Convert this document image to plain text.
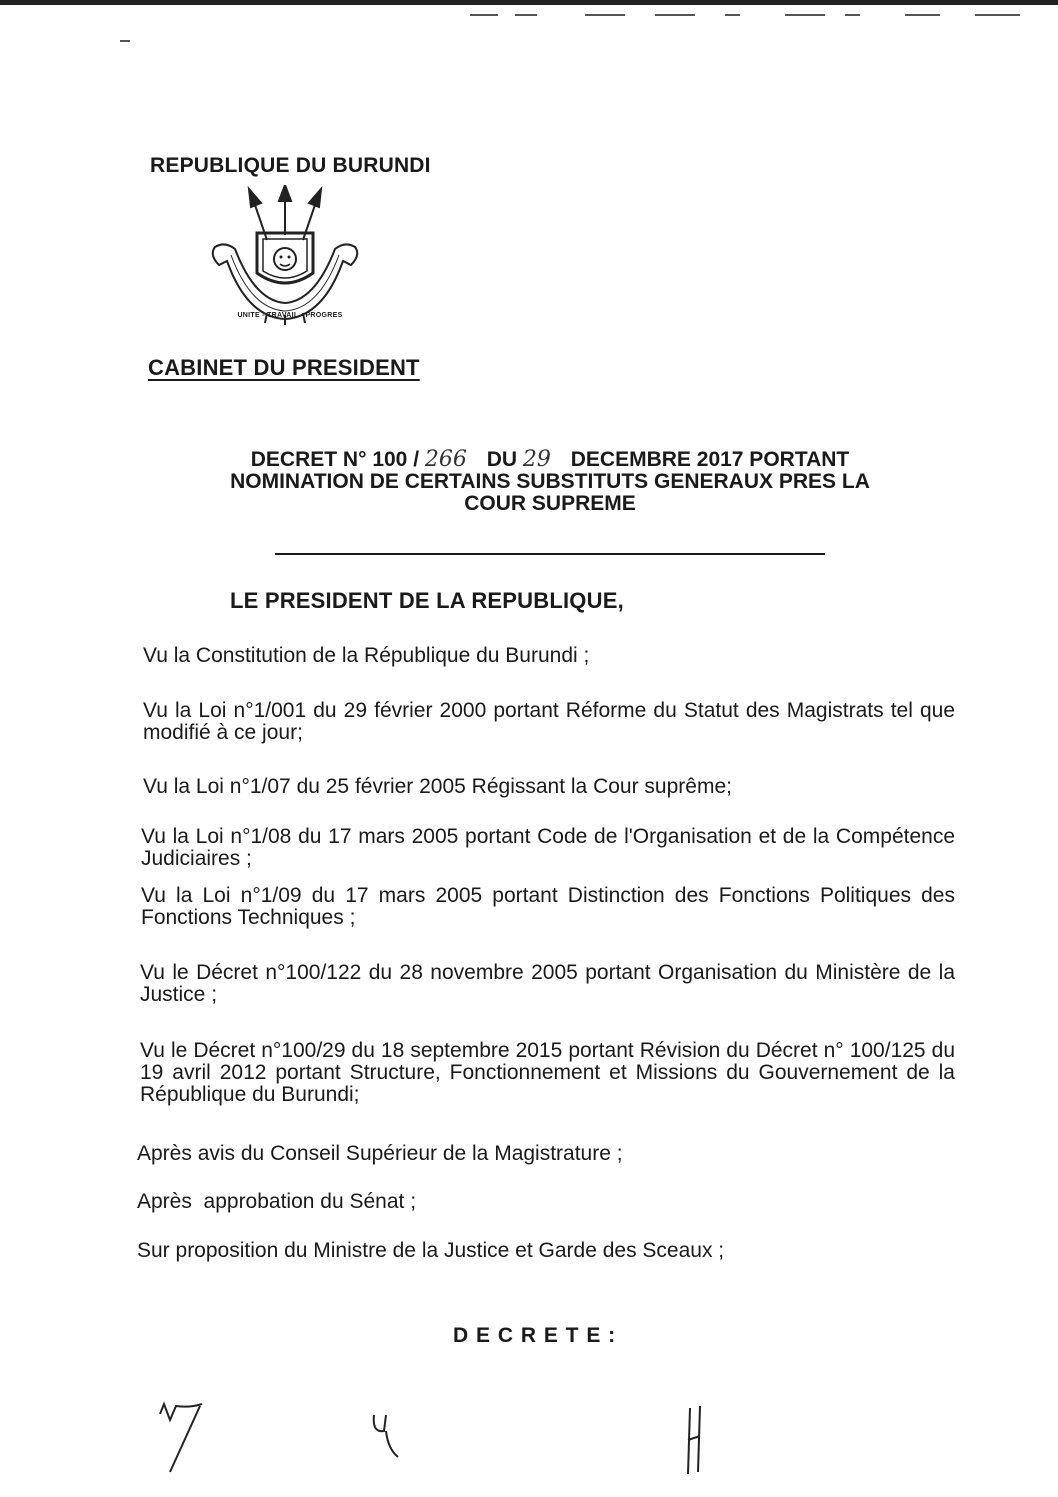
REPUBLIQUE DU BURUNDI
UNITE - TRAVAIL - PROGRES
CABINET DU PRESIDENT
DECRET N° 100 / 266 DU 29 DECEMBRE 2017 PORTANT
NOMINATION DE CERTAINS SUBSTITUTS GENERAUX PRES LA
COUR SUPREME
LE PRESIDENT DE LA REPUBLIQUE,
Vu la Constitution de la République du Burundi ;
Vu la Loi n°1/001 du 29 février 2000 portant Réforme du Statut des Magistrats tel que modifié à ce jour;
Vu la Loi n°1/07 du 25 février 2005 Régissant la Cour suprême;
Vu la Loi n°1/08 du 17 mars 2005 portant Code de l'Organisation et de la Compétence Judiciaires ;
Vu la Loi n°1/09 du 17 mars 2005 portant Distinction des Fonctions Politiques des Fonctions Techniques ;
Vu le Décret n°100/122 du 28 novembre 2005 portant Organisation du Ministère de la Justice ;
Vu le Décret n°100/29 du 18 septembre 2015 portant Révision du Décret n° 100/125 du 19 avril 2012 portant Structure, Fonctionnement et Missions du Gouvernement de la République du Burundi;
Après avis du Conseil Supérieur de la Magistrature ;
Après  approbation du Sénat ;
Sur proposition du Ministre de la Justice et Garde des Sceaux ;
D E C R E T E :
